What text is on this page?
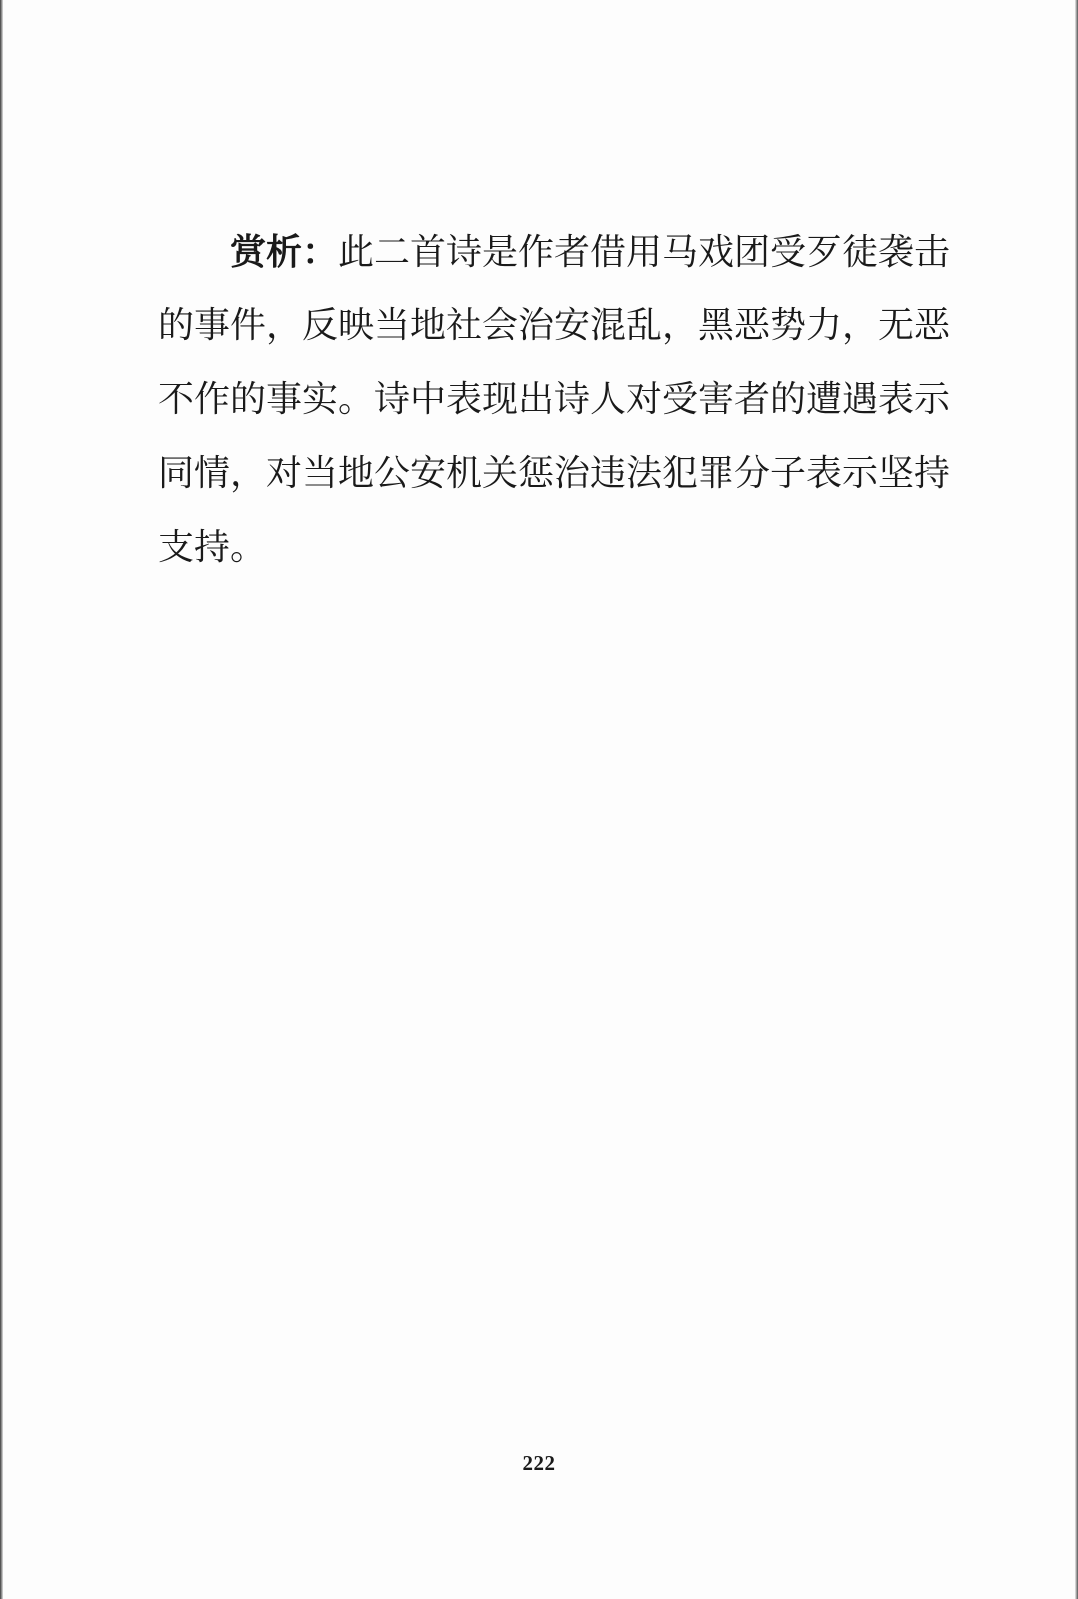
赏析：此二首诗是作者借用马戏团受歹徒袭击
的事件，反映当地社会治安混乱，黑恶势力，无恶
不作的事实。诗中表现出诗人对受害者的遭遇表示
同情，对当地公安机关惩治违法犯罪分子表示坚持
支持。
222
